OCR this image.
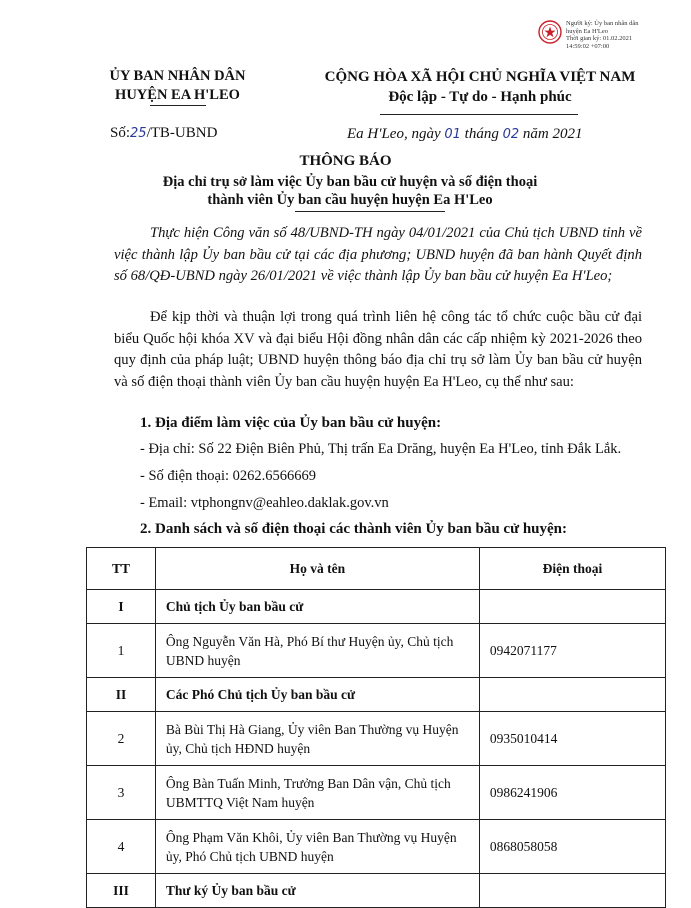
Người ký: Ủy ban nhân dân
huyện Ea H'Leo
Thời gian ký: 01.02.2021
14:59:02 +07:00
ỦY BAN NHÂN DÂN
HUYỆN EA H'LEO
CỘNG HÒA XÃ HỘI CHỦ NGHĨA VIỆT NAM
Độc lập - Tự do - Hạnh phúc
Số:25/TB-UBND	Ea H'Leo, ngày 01 tháng 02 năm 2021
THÔNG BÁO
Địa chỉ trụ sở làm việc Ủy ban bầu cử huyện và số điện thoại
thành viên Ủy ban cầu huyện huyện Ea H'Leo
Thực hiện Công văn số 48/UBND-TH ngày 04/01/2021 của Chủ tịch UBND tỉnh về việc thành lập Ủy ban bầu cử tại các địa phương; UBND huyện đã ban hành Quyết định số 68/QĐ-UBND ngày 26/01/2021 về việc thành lập Ủy ban bầu cử huyện Ea H'Leo;
Để kịp thời và thuận lợi trong quá trình liên hệ công tác tổ chức cuộc bầu cử đại biểu Quốc hội khóa XV và đại biểu Hội đồng nhân dân các cấp nhiệm kỳ 2021-2026 theo quy định của pháp luật; UBND huyện thông báo địa chỉ trụ sở làm Ủy ban bầu cử huyện và số điện thoại thành viên Ủy ban cầu huyện huyện Ea H'Leo, cụ thể như sau:
1. Địa điểm làm việc của Ủy ban bầu cử huyện:
- Địa chỉ: Số 22 Điện Biên Phủ, Thị trấn Ea Drăng, huyện Ea H'Leo, tỉnh Đắk Lắk.
- Số điện thoại: 0262.6566669
- Email: vtphongnv@eahleo.daklak.gov.vn
2. Danh sách và số điện thoại các thành viên Ủy ban bầu cử huyện:
TT	Họ và tên	Điện thoại
I	Chủ tịch Ủy ban bầu cử	
1	Ông Nguyễn Văn Hà, Phó Bí thư Huyện ủy, Chủ tịch UBND huyện	0942071177
II	Các Phó Chủ tịch Ủy ban bầu cử	
2	Bà Bùi Thị Hà Giang, Ủy viên Ban Thường vụ Huyện ủy, Chủ tịch HĐND huyện	0935010414
3	Ông Bàn Tuấn Minh, Trưởng Ban Dân vận, Chủ tịch UBMTTQ Việt Nam huyện	0986241906
4	Ông Phạm Văn Khôi, Ủy viên Ban Thường vụ Huyện ủy, Phó Chủ tịch UBND huyện	0868058058
III	Thư ký Ủy ban bầu cử	
